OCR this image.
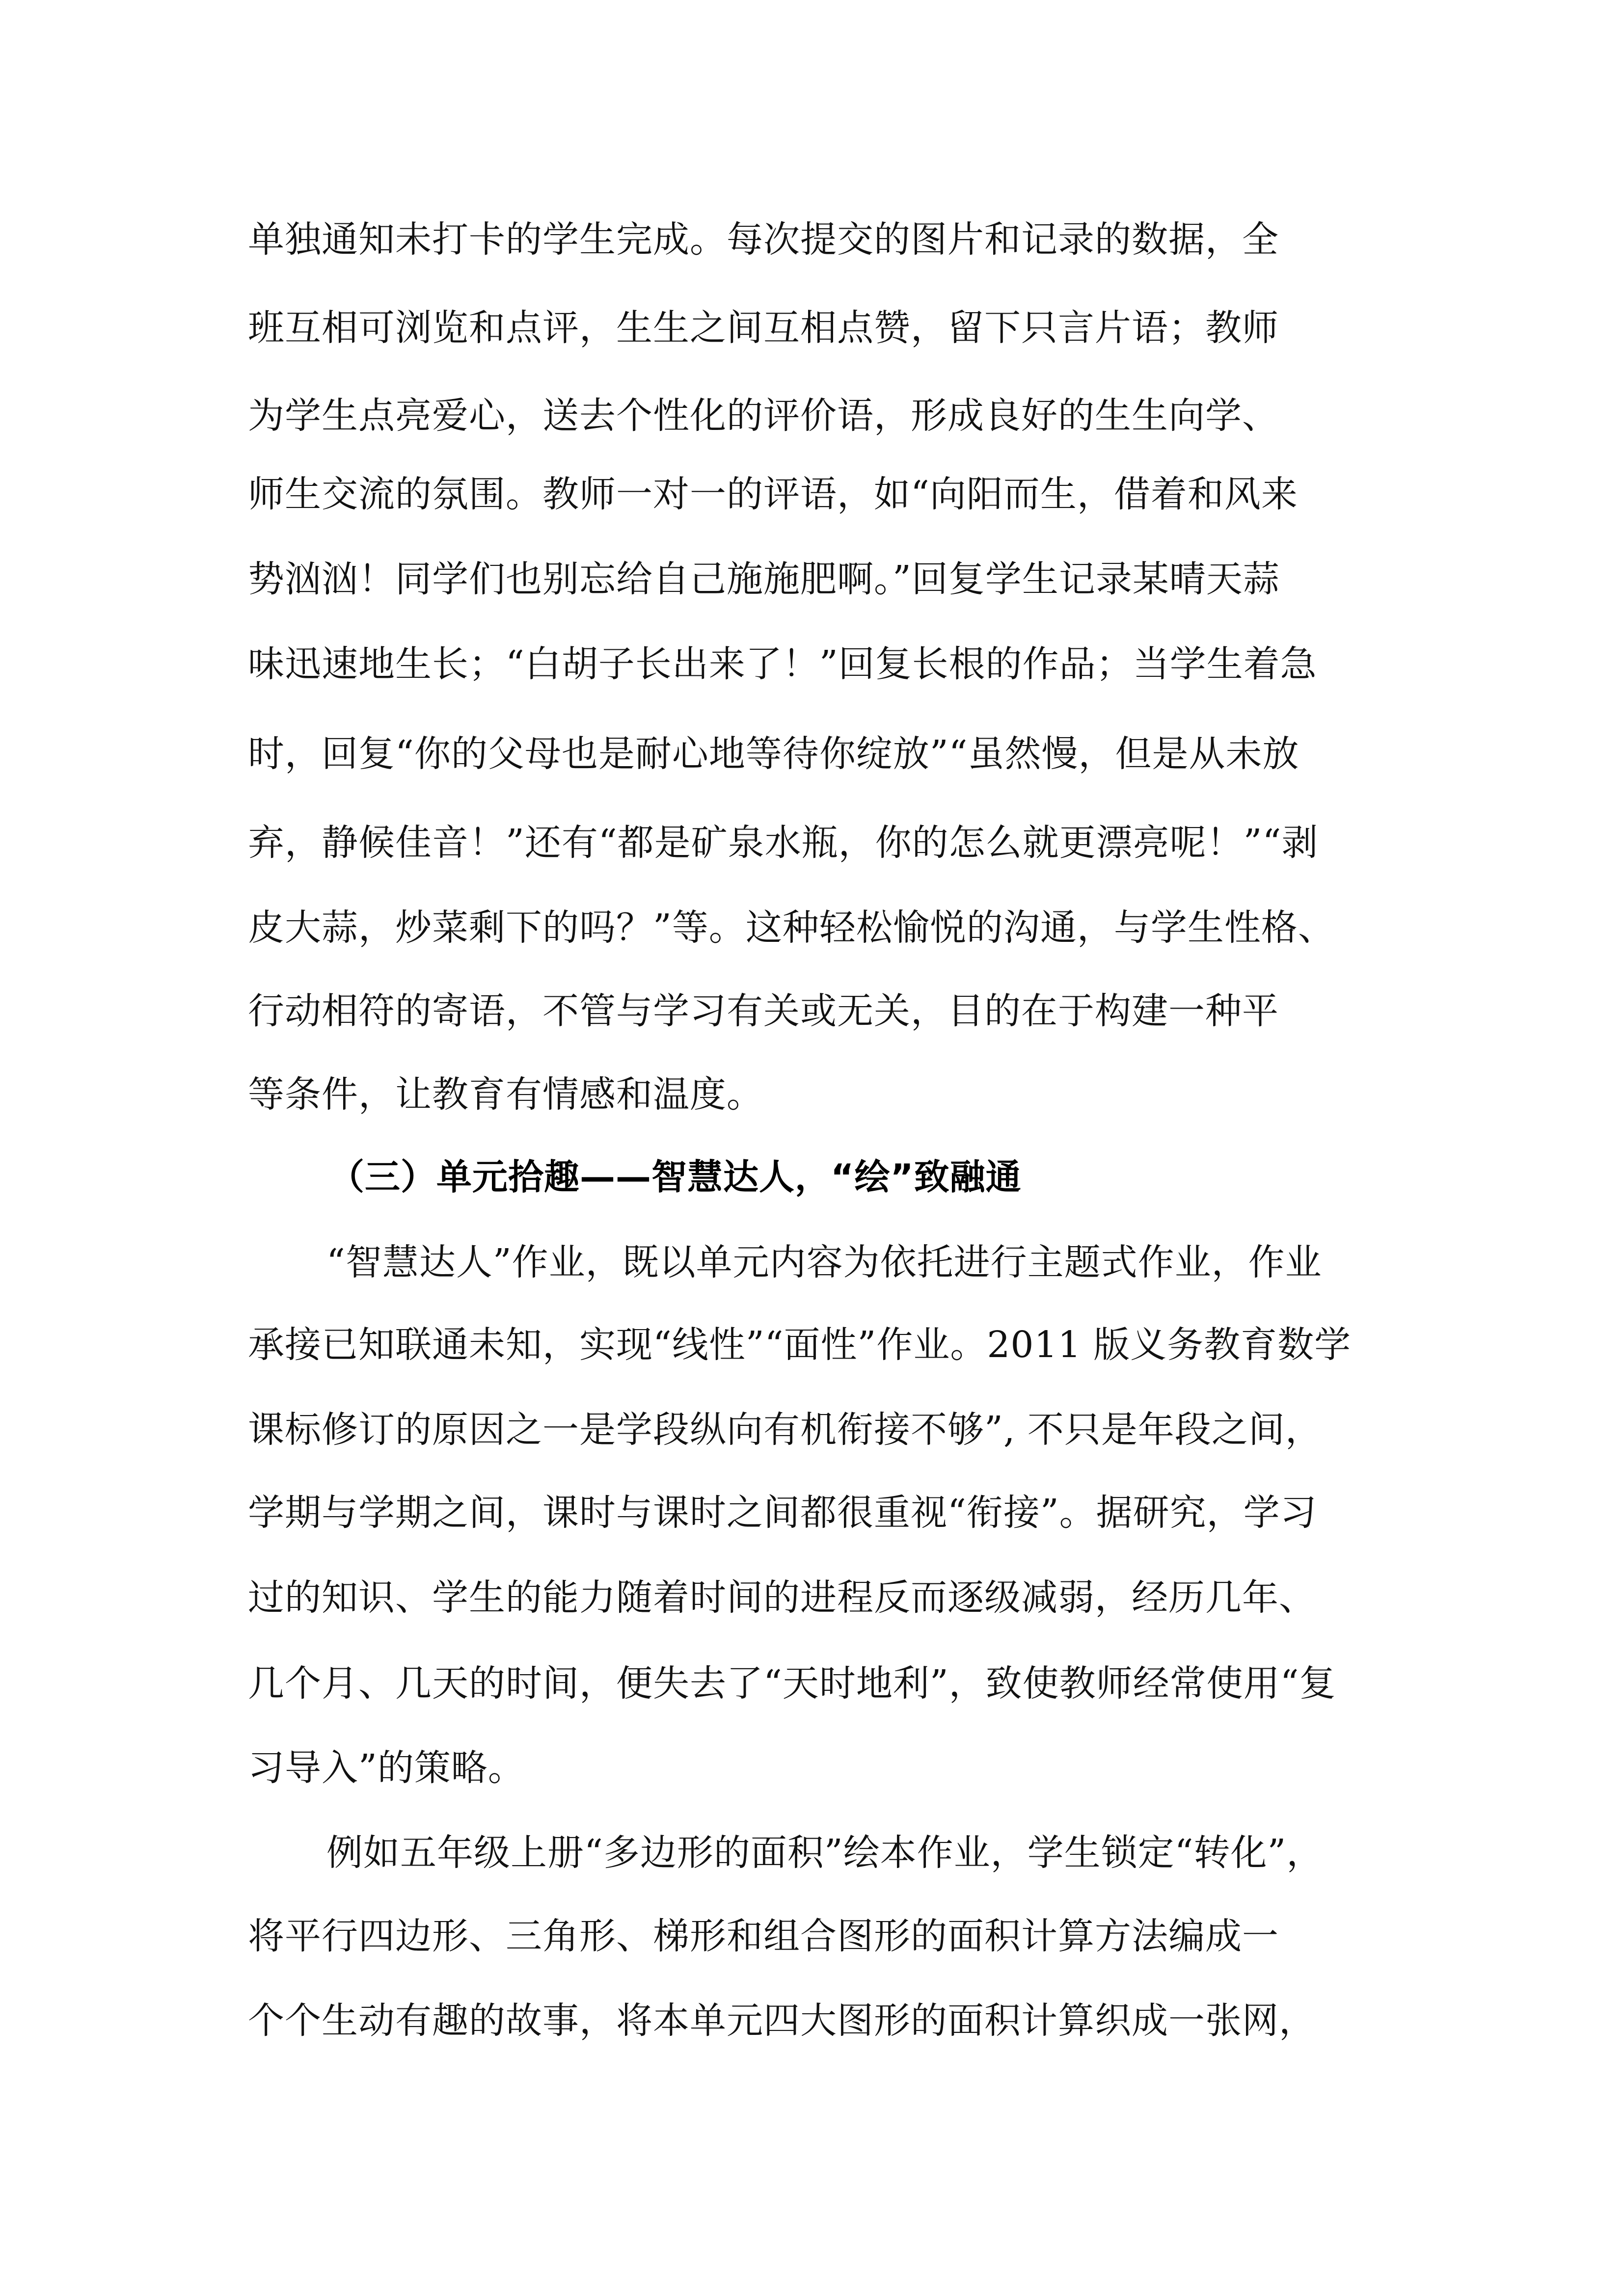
单独通知未打卡的学生完成。每次提交的图片和记录的数据，全
班互相可浏览和点评，生生之间互相点赞，留下只言片语；教师
为学生点亮爱心，送去个性化的评价语，形成良好的生生向学、
师生交流的氛围。教师一对一的评语，如“向阳而生，借着和风来
势汹汹！同学们也别忘给自己施施肥啊。”回复学生记录某晴天蒜
味迅速地生长；“白胡子长出来了！”回复长根的作品；当学生着急
时，回复“你的父母也是耐心地等待你绽放”“虽然慢，但是从未放
弃，静候佳音！”还有“都是矿泉水瓶，你的怎么就更漂亮呢！”“剥
皮大蒜，炒菜剩下的吗？”等。这种轻松愉悦的沟通，与学生性格、
行动相符的寄语，不管与学习有关或无关，目的在于构建一种平
等条件，让教育有情感和温度。
（三）单元拾趣——智慧达人，“绘”致融通
“智慧达人”作业，既以单元内容为依托进行主题式作业，作业
承接已知联通未知，实现“线性”“面性”作业。2011 版义务教育数学
课标修订的原因之一是学段纵向有机衔接不够”, 不只是年段之间，
学期与学期之间，课时与课时之间都很重视“衔接”。据研究，学习
过的知识、学生的能力随着时间的进程反而逐级减弱，经历几年、
几个月、几天的时间，便失去了“天时地利”，致使教师经常使用“复
习导入”的策略。
例如五年级上册“多边形的面积”绘本作业，学生锁定“转化”，
将平行四边形、三角形、梯形和组合图形的面积计算方法编成一
个个生动有趣的故事，将本单元四大图形的面积计算织成一张网，
